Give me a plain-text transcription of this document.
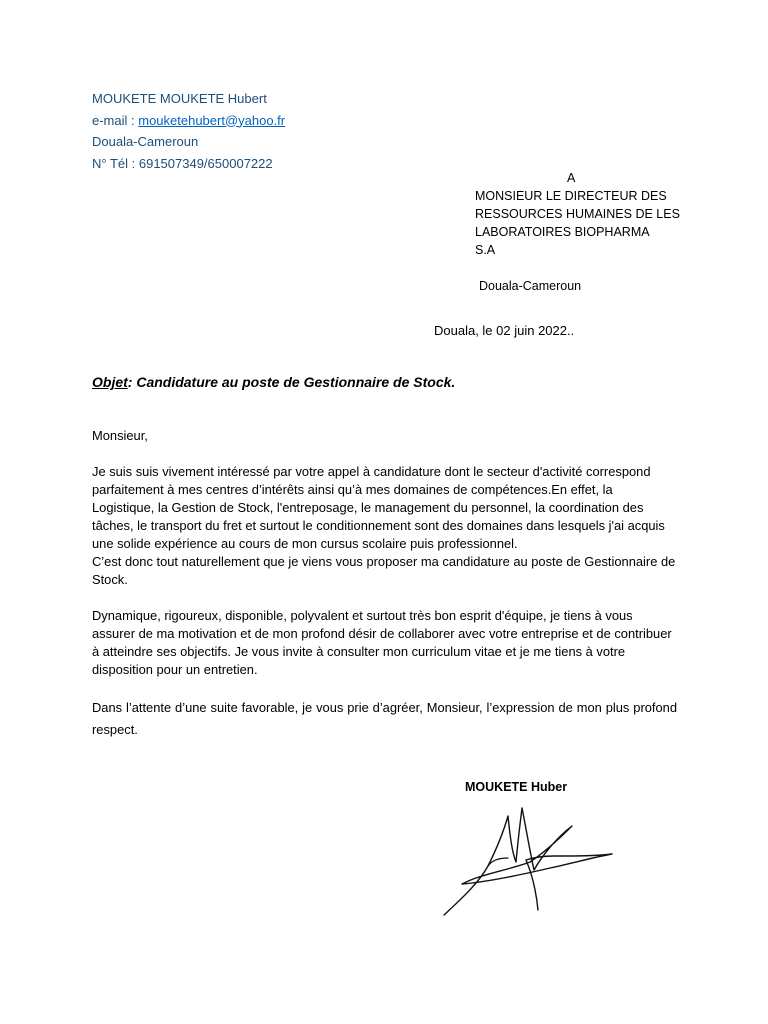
MOUKETE MOUKETE Hubert
e-mail : mouketehubert@yahoo.fr
Douala-Cameroun
N° Tél : 691507349/650007222
A
MONSIEUR LE DIRECTEUR DES
RESSOURCES HUMAINES DE LES
LABORATOIRES BIOPHARMA
S.A
Douala-Cameroun
Douala, le 02 juin 2022..
Objet: Candidature au poste de Gestionnaire de Stock.

Monsieur,

Je suis suis vivement intéressé par votre appel à candidature dont le secteur d'activité correspond parfaitement à mes centres d’intérêts ainsi qu’à mes domaines de compétences.En effet, la Logistique, la Gestion de Stock, l'entreposage, le management du personnel, la coordination des tâches, le transport du fret et surtout le conditionnement sont des domaines dans lesquels j'ai acquis une solide expérience au cours de mon cursus scolaire puis professionnel.

C’est donc tout naturellement que je viens vous proposer ma candidature au poste de Gestionnaire de Stock.

Dynamique, rigoureux, disponible, polyvalent et surtout très bon esprit d'équipe, je tiens à vous assurer de ma motivation et de mon profond désir de collaborer avec votre entreprise et de contribuer à atteindre ses objectifs. Je vous invite à consulter mon curriculum vitae et je me tiens à votre disposition pour un entretien.

Dans l’attente d’une suite favorable, je vous prie d’agréer, Monsieur, l’expression de mon plus profond respect.

MOUKETE Huber
